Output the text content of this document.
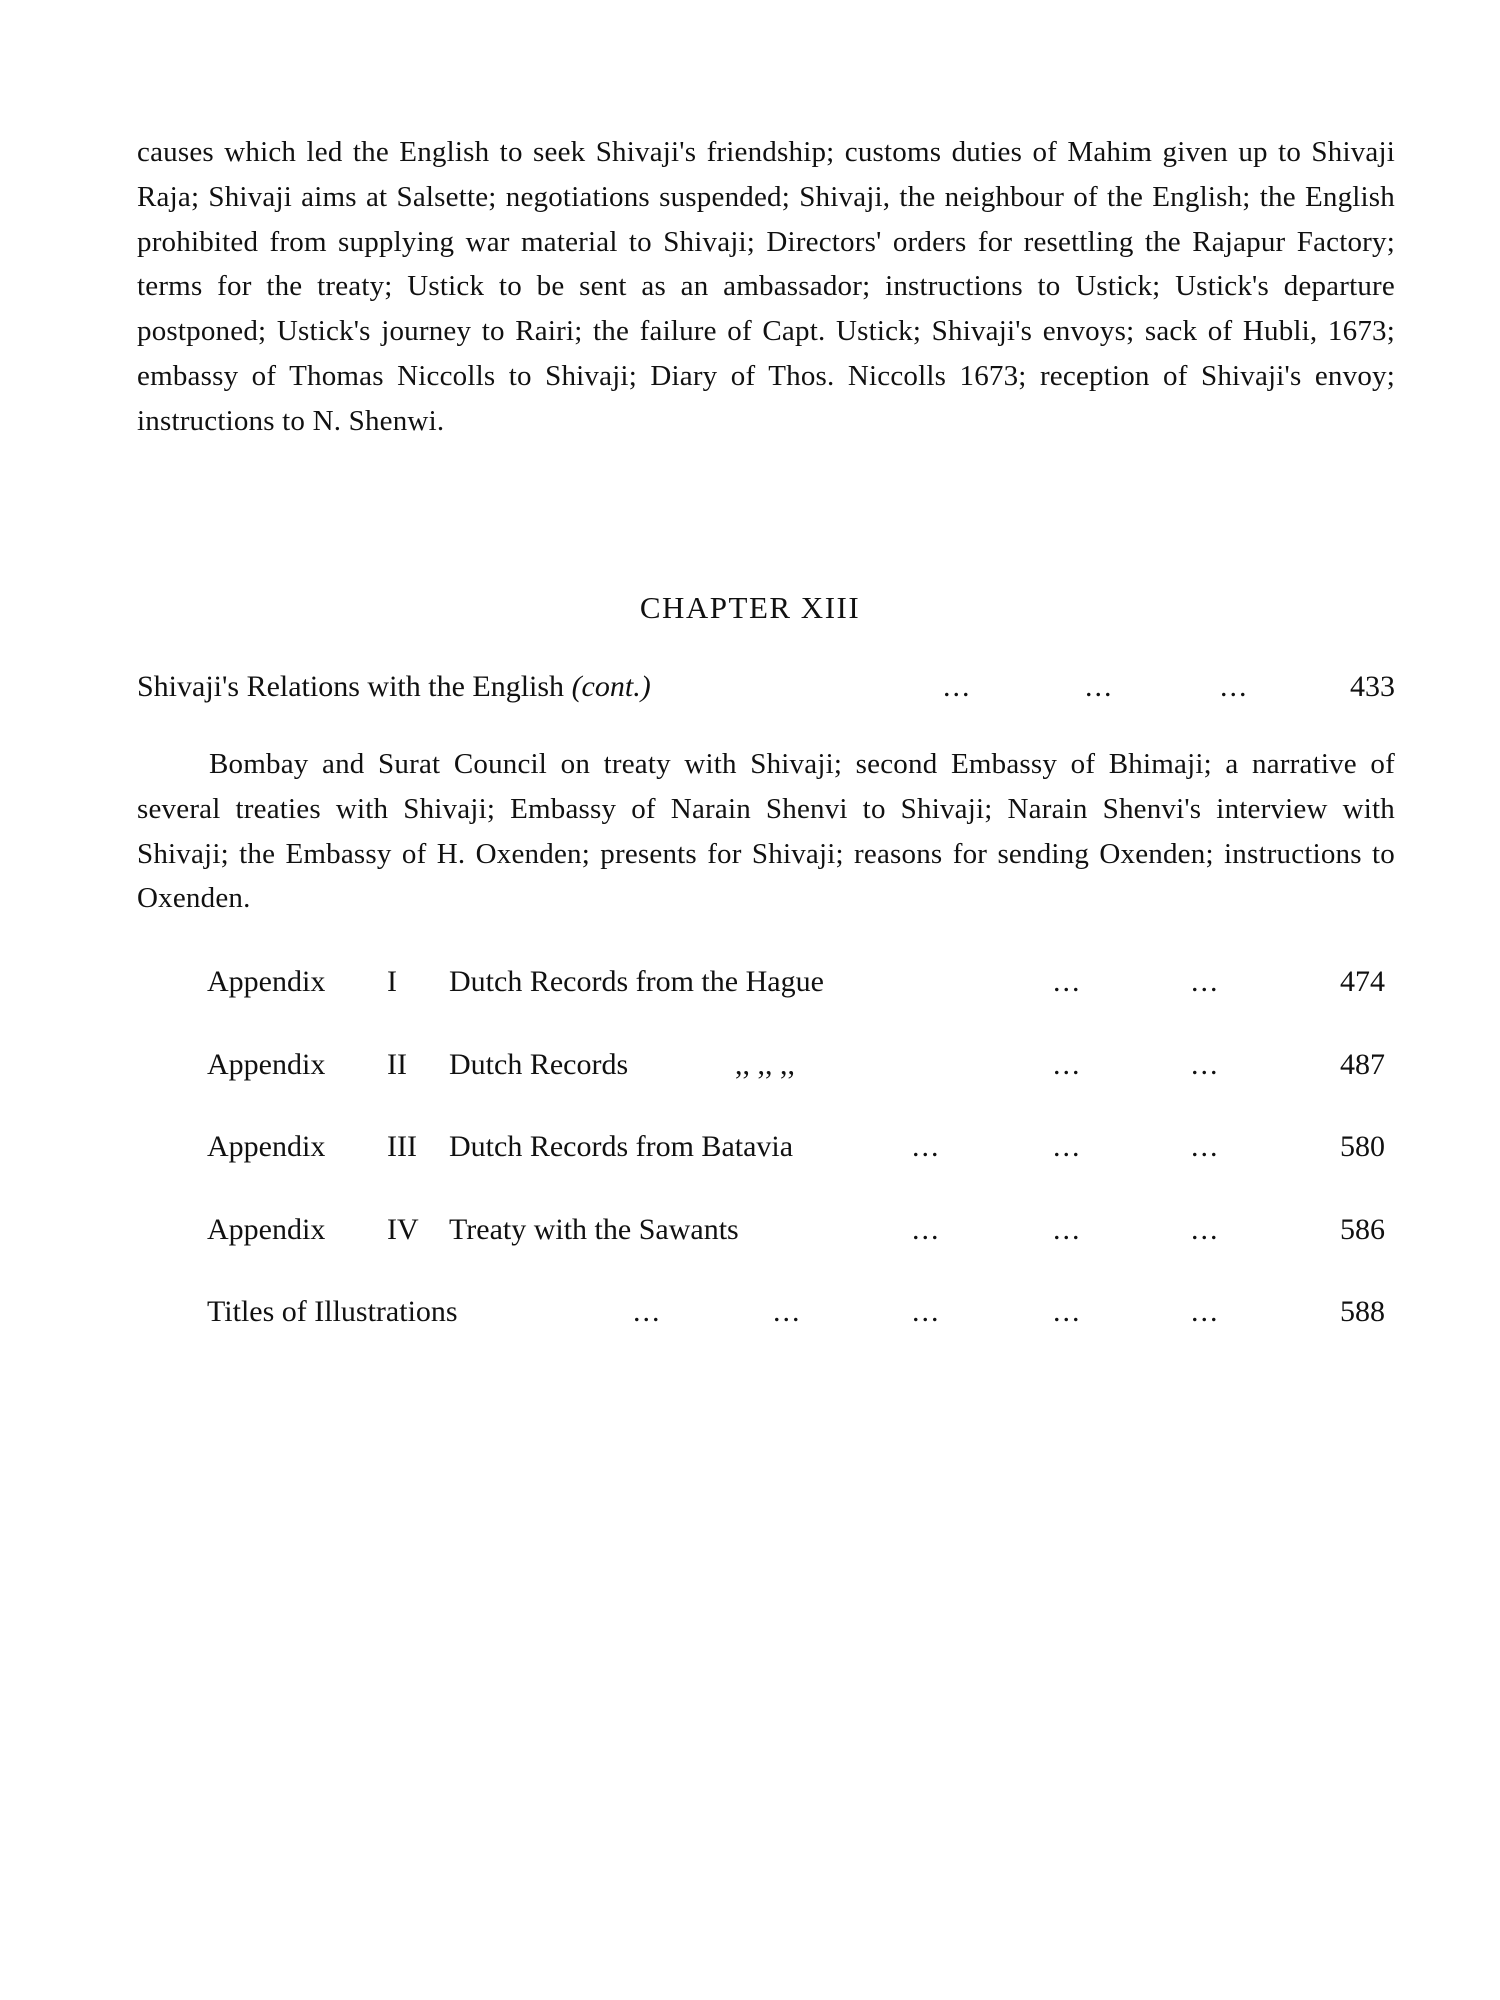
causes which led the English to seek Shivaji's friendship; customs duties of Mahim given up to Shivaji Raja; Shivaji aims at Salsette; negotiations suspended; Shivaji, the neighbour of the English; the English prohibited from supplying war material to Shivaji; Directors' orders for resettling the Rajapur Factory; terms for the treaty; Ustick to be sent as an ambassador; instructions to Ustick; Ustick's departure postponed; Ustick's journey to Rairi; the failure of Capt. Ustick; Shivaji's envoys; sack of Hubli, 1673; embassy of Thomas Niccolls to Shivaji; Diary of Thos. Niccolls 1673; reception of Shivaji's envoy; instructions to N. Shenwi.

CHAPTER XIII
Shivaji's Relations with the English (cont.)	...	...	...	433

Bombay and Surat Council on treaty with Shivaji; second Embassy of Bhimaji; a narrative of several treaties with Shivaji; Embassy of Narain Shenvi to Shivaji; Narain Shenvi's interview with Shivaji; the Embassy of H. Oxenden; presents for Shivaji; reasons for sending Oxenden; instructions to Oxenden.

Appendix I Dutch Records from the Hague	...	...	474
Appendix II Dutch Records	,, ,, ,,	...	...	487
Appendix III Dutch Records from Batavia	...	...	...	580
Appendix IV Treaty with the Sawants	...	...	...	586
Titles of Illustrations	...	...	...	...	...	588
